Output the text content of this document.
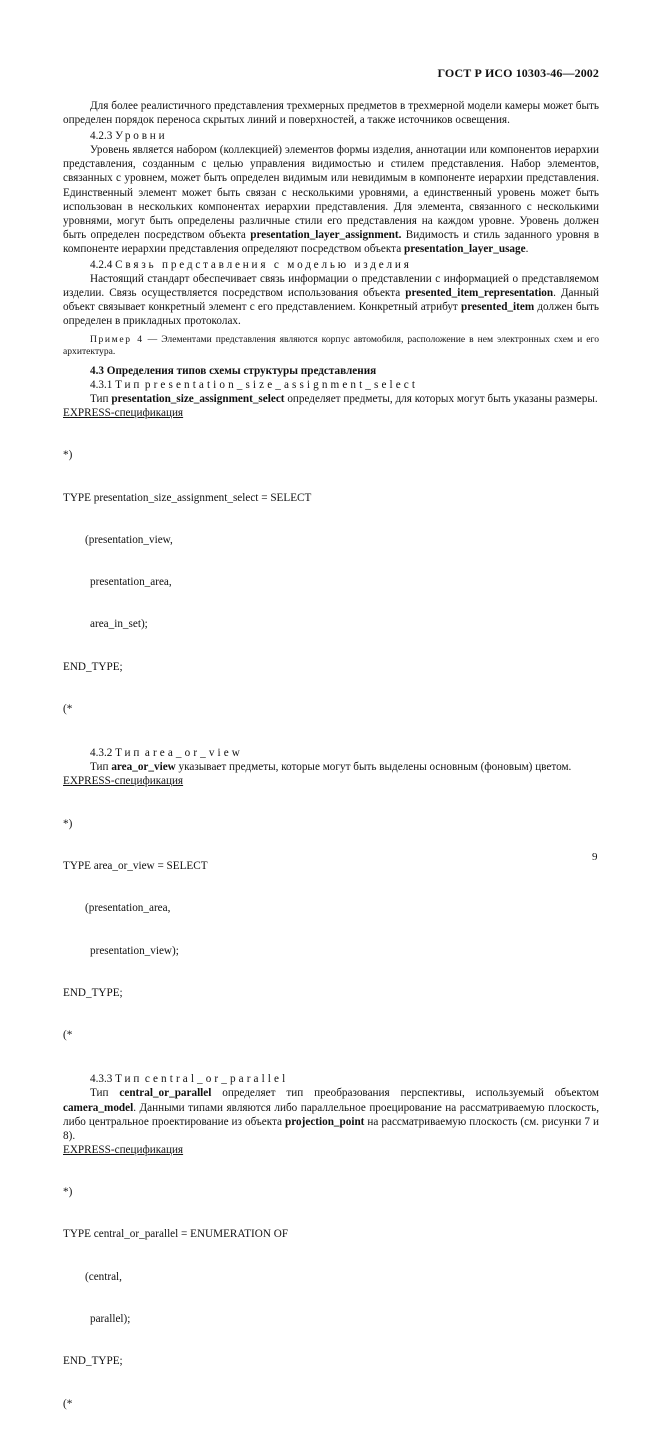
ГОСТ Р ИСО 10303-46—2002

Для более реалистичного представления трехмерных предметов в трехмерной модели камеры может быть определен порядок переноса скрытых линий и поверхностей, а также источников освещения.

4.2.3 Уровни

Уровень является набором (коллекцией) элементов формы изделия, аннотации или компонентов иерархии представления, созданным с целью управления видимостью и стилем представления. Набор элементов, связанных с уровнем, может быть определен видимым или невидимым в компоненте иерархии представления. Единственный элемент может быть связан с несколькими уровнями, а единственный уровень может быть использован в нескольких компонентах иерархии представления. Для элемента, связанного с несколькими уровнями, могут быть определены различные стили его представления на каждом уровне. Уровень должен быть определен посредством объекта presentation_layer_assignment. Видимость и стиль заданного уровня в компоненте иерархии представления определяют посредством объекта presentation_layer_usage.

4.2.4 Связь представления с моделью изделия

Настоящий стандарт обеспечивает связь информации о представлении с информацией о представляемом изделии. Связь осуществляется посредством использования объекта presented_item_representation. Данный объект связывает конкретный элемент с его представлением. Конкретный атрибут presented_item должен быть определен в прикладных протоколах.

Пример 4 — Элементами представления являются корпус автомобиля, расположение в нем электронных схем и его архитектура.

4.3 Определения типов схемы структуры представления

4.3.1 Тип presentation_size_assignment_select

Тип presentation_size_assignment_select определяет предметы, для которых могут быть указаны размеры.

EXPRESS-спецификация

*)

TYPE presentation_size_assignment_select = SELECT

(presentation_view,

presentation_area,

area_in_set);

END_TYPE;

(*

4.3.2 Тип area_or_view

Тип area_or_view указывает предметы, которые могут быть выделены основным (фоновым) цветом.

EXPRESS-спецификация

*)

TYPE area_or_view = SELECT

(presentation_area,

presentation_view);

END_TYPE;

(*

4.3.3 Тип central_or_parallel

Тип central_or_parallel определяет тип преобразования перспективы, используемый объектом camera_model. Данными типами являются либо параллельное проецирование на рассматриваемую плоскость, либо центральное проектирование из объекта projection_point на рассматриваемую плоскость (см. рисунки 7 и 8).

EXPRESS-спецификация

*)

TYPE central_or_parallel = ENUMERATION OF

(central,

parallel);

END_TYPE;

(*

9
